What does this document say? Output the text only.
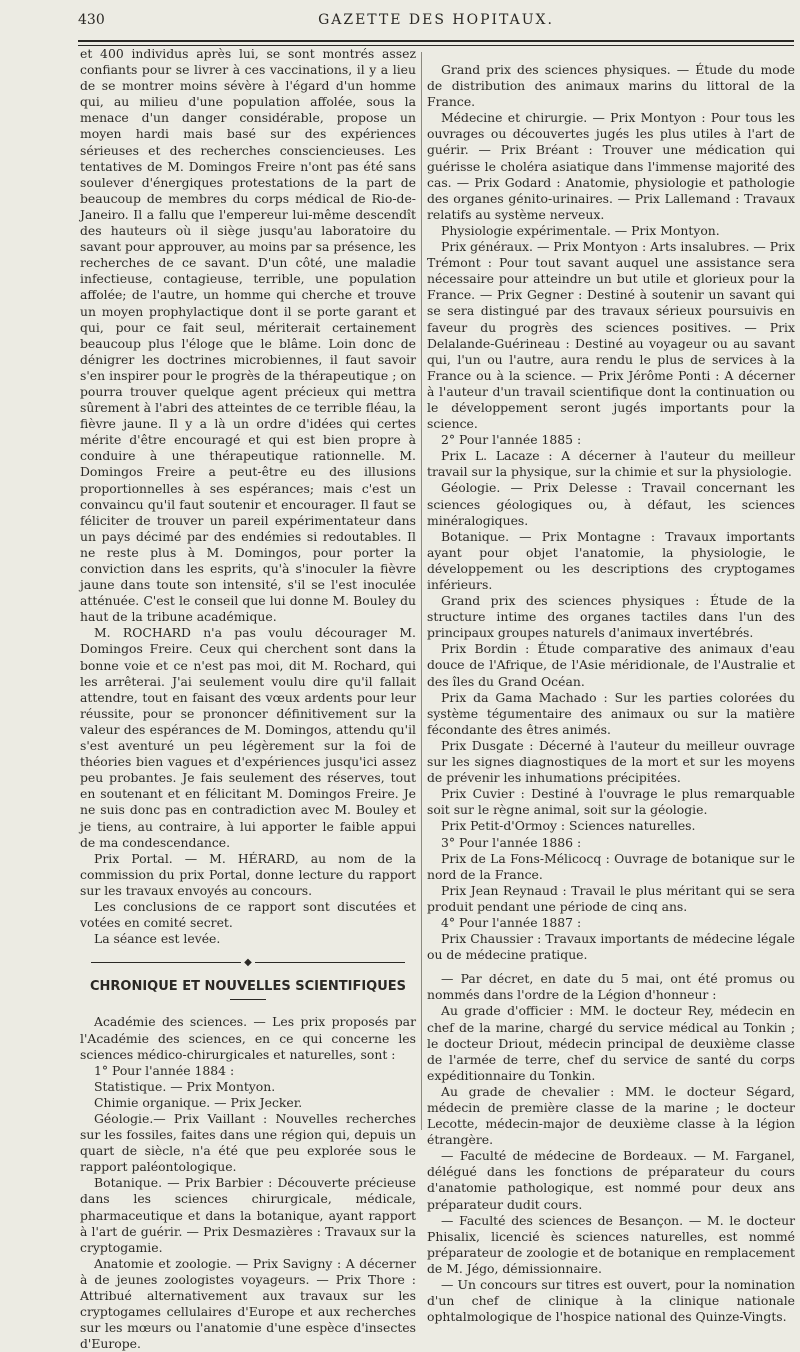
430	GAZETTE DES HOPITAUX.

et 400 individus après lui, se sont montrés assez confiants pour se livrer à ces vaccinations, il y a lieu de se montrer moins sévère à l'égard d'un homme qui, au milieu d'une population affolée, sous la menace d'un danger considérable, propose un moyen hardi mais basé sur des expériences sérieuses et des recherches consciencieuses. Les tentatives de M. Domingos Freire n'ont pas été sans soulever d'énergiques protestations de la part de beaucoup de membres du corps médical de Rio-de-Janeiro. Il a fallu que l'empereur lui-même descendît des hauteurs où il siège jusqu'au laboratoire du savant pour approuver, au moins par sa présence, les recherches de ce savant. D'un côté, une maladie infectieuse, contagieuse, terrible, une population affolée; de l'autre, un homme qui cherche et trouve un moyen prophylactique dont il se porte garant et qui, pour ce fait seul, mériterait certainement beaucoup plus l'éloge que le blâme. Loin donc de dénigrer les doctrines microbiennes, il faut savoir s'en inspirer pour le progrès de la thérapeutique ; on pourra trouver quelque agent précieux qui mettra sûrement à l'abri des atteintes de ce terrible fléau, la fièvre jaune. Il y a là un ordre d'idées qui certes mérite d'être encouragé et qui est bien propre à conduire à une thérapeutique rationnelle. M. Domingos Freire a peut-être eu des illusions proportionnelles à ses espérances; mais c'est un convaincu qu'il faut soutenir et encourager. Il faut se féliciter de trouver un pareil expérimentateur dans un pays décimé par des endémies si redoutables. Il ne reste plus à M. Domingos, pour porter la conviction dans les esprits, qu'à s'inoculer la fièvre jaune dans toute son intensité, s'il se l'est inoculée atténuée. C'est le conseil que lui donne M. Bouley du haut de la tribune académique.

M. ROCHARD n'a pas voulu décourager M. Domingos Freire. Ceux qui cherchent sont dans la bonne voie et ce n'est pas moi, dit M. Rochard, qui les arrêterai. J'ai seulement voulu dire qu'il fallait attendre, tout en faisant des vœux ardents pour leur réussite, pour se prononcer définitivement sur la valeur des espérances de M. Domingos, attendu qu'il s'est aventuré un peu légèrement sur la foi de théories bien vagues et d'expériences jusqu'ici assez peu probantes. Je fais seulement des réserves, tout en soutenant et en félicitant M. Domingos Freire. Je ne suis donc pas en contradiction avec M. Bouley et je tiens, au contraire, à lui apporter le faible appui de ma condescendance.

Prix Portal. — M. HÉRARD, au nom de la commission du prix Portal, donne lecture du rapport sur les travaux envoyés au concours.

Les conclusions de ce rapport sont discutées et votées en comité secret.

La séance est levée.

◆
CHRONIQUE ET NOUVELLES SCIENTIFIQUES

Académie des sciences. — Les prix proposés par l'Académie des sciences, en ce qui concerne les sciences médico-chirurgicales et naturelles, sont :

1° Pour l'année 1884 :

Statistique. — Prix Montyon.

Chimie organique. — Prix Jecker.

Géologie.— Prix Vaillant : Nouvelles recherches sur les fossiles, faites dans une région qui, depuis un quart de siècle, n'a été que peu explorée sous le rapport paléontologique.

Botanique. — Prix Barbier : Découverte précieuse dans les sciences chirurgicale, médicale, pharmaceutique et dans la botanique, ayant rapport à l'art de guérir. — Prix Desmazières : Travaux sur la cryptogamie.

Anatomie et zoologie. — Prix Savigny : A décerner à de jeunes zoologistes voyageurs. — Prix Thore : Attribué alternativement aux travaux sur les cryptogames cellulaires d'Europe et aux recherches sur les mœurs ou l'anatomie d'une espèce d'insectes d'Europe.

Grand prix des sciences physiques. — Étude du mode de distribution des animaux marins du littoral de la France.

Médecine et chirurgie. — Prix Montyon : Pour tous les ouvrages ou découvertes jugés les plus utiles à l'art de guérir. — Prix Bréant : Trouver une médication qui guérisse le choléra asiatique dans l'immense majorité des cas. — Prix Godard : Anatomie, physiologie et pathologie des organes génito-urinaires. — Prix Lallemand : Travaux relatifs au système nerveux.

Physiologie expérimentale. — Prix Montyon.

Prix généraux. — Prix Montyon : Arts insalubres. — Prix Trémont : Pour tout savant auquel une assistance sera nécessaire pour atteindre un but utile et glorieux pour la France. — Prix Gegner : Destiné à soutenir un savant qui se sera distingué par des travaux sérieux poursuivis en faveur du progrès des sciences positives. — Prix Delalande-Guérineau : Destiné au voyageur ou au savant qui, l'un ou l'autre, aura rendu le plus de services à la France ou à la science. — Prix Jérôme Ponti : A décerner à l'auteur d'un travail scientifique dont la continuation ou le développement seront jugés importants pour la science.

2° Pour l'année 1885 :

Prix L. Lacaze : A décerner à l'auteur du meilleur travail sur la physique, sur la chimie et sur la physiologie.

Géologie. — Prix Delesse : Travail concernant les sciences géologiques ou, à défaut, les sciences minéralogiques.

Botanique. — Prix Montagne : Travaux importants ayant pour objet l'anatomie, la physiologie, le développement ou les descriptions des cryptogames inférieurs.

Grand prix des sciences physiques : Étude de la structure intime des organes tactiles dans l'un des principaux groupes naturels d'animaux invertébrés.

Prix Bordin : Étude comparative des animaux d'eau douce de l'Afrique, de l'Asie méridionale, de l'Australie et des îles du Grand Océan.

Prix da Gama Machado : Sur les parties colorées du système tégumentaire des animaux ou sur la matière fécondante des êtres animés.

Prix Dusgate : Décerné à l'auteur du meilleur ouvrage sur les signes diagnostiques de la mort et sur les moyens de prévenir les inhumations précipitées.

Prix Cuvier : Destiné à l'ouvrage le plus remarquable soit sur le règne animal, soit sur la géologie.

Prix Petit-d'Ormoy : Sciences naturelles.

3° Pour l'année 1886 :

Prix de La Fons-Mélicocq : Ouvrage de botanique sur le nord de la France.

Prix Jean Reynaud : Travail le plus méritant qui se sera produit pendant une période de cinq ans.

4° Pour l'année 1887 :

Prix Chaussier : Travaux importants de médecine légale ou de médecine pratique.

— Par décret, en date du 5 mai, ont été promus ou nommés dans l'ordre de la Légion d'honneur :

Au grade d'officier : MM. le docteur Rey, médecin en chef de la marine, chargé du service médical au Tonkin ; le docteur Driout, médecin principal de deuxième classe de l'armée de terre, chef du service de santé du corps expéditionnaire du Tonkin.

Au grade de chevalier : MM. le docteur Ségard, médecin de première classe de la marine ; le docteur Lecotte, médecin-major de deuxième classe à la légion étrangère.

— Faculté de médecine de Bordeaux. — M. Farganel, délégué dans les fonctions de préparateur du cours d'anatomie pathologique, est nommé pour deux ans préparateur dudit cours.

— Faculté des sciences de Besançon. — M. le docteur Phisalix, licencié ès sciences naturelles, est nommé préparateur de zoologie et de botanique en remplacement de M. Jégo, démissionnaire.

— Un concours sur titres est ouvert, pour la nomination d'un chef de clinique à la clinique nationale ophtalmologique de l'hospice national des Quinze-Vingts.
